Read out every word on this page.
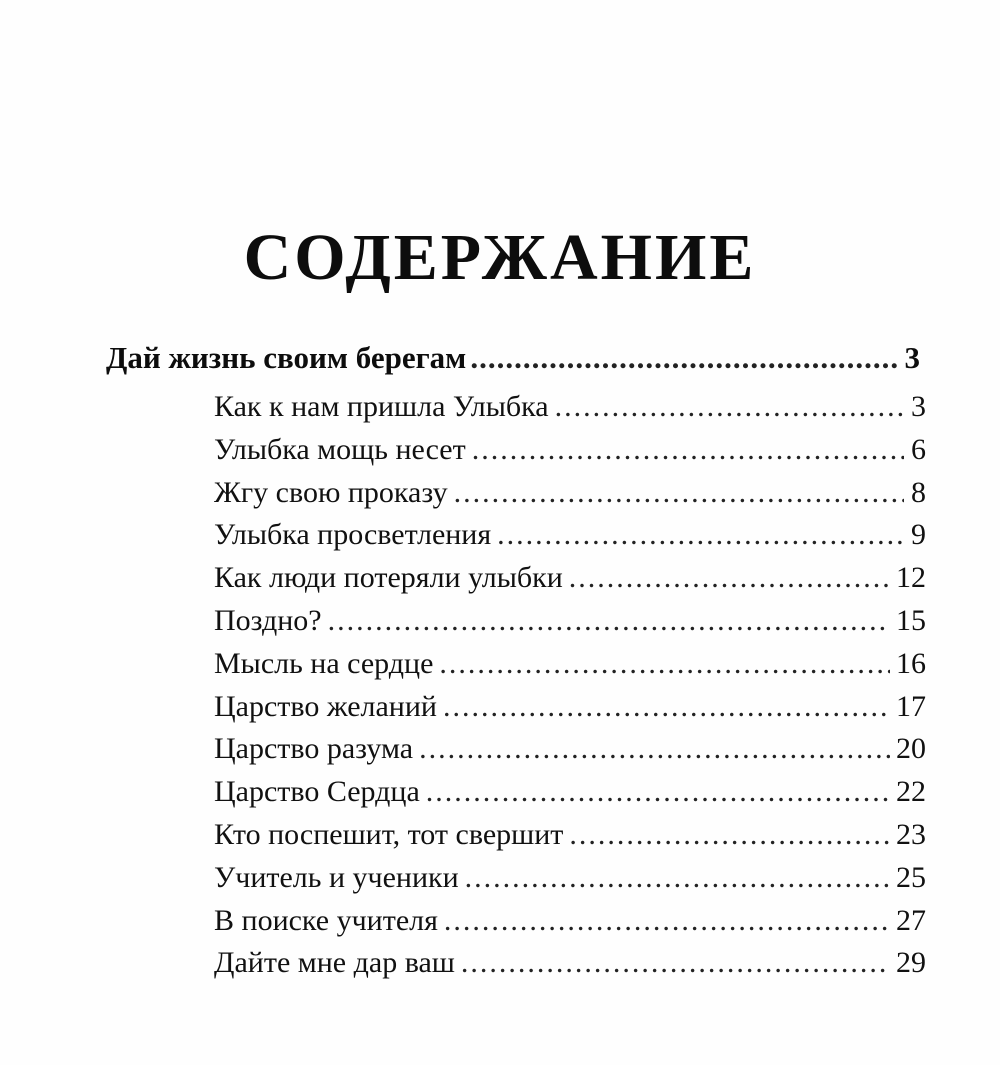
СОДЕРЖАНИЕ
Дай жизнь своим берегам .....	3
Как к нам пришла Улыбка .....	3
Улыбка мощь несет .....	6
Жгу свою проказу .....	8
Улыбка просветления .....	9
Как люди потеряли улыбки .....	12
Поздно? .....	15
Мысль на сердце .....	16
Царство желаний .....	17
Царство разума .....	20
Царство Сердца .....	22
Кто поспешит, тот свершит .....	23
Учитель и ученики .....	25
В поиске учителя .....	27
Дайте мне дар ваш .....	29
